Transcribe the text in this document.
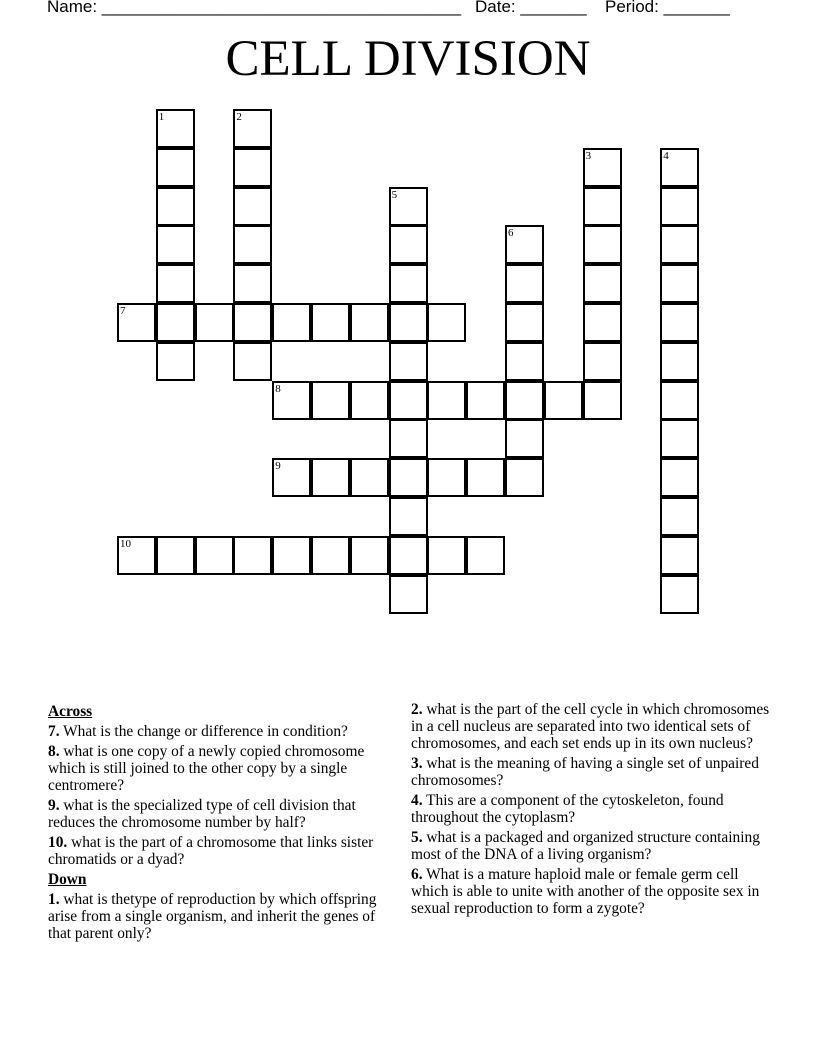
Name: ______________________________________ Date: _______ Period: _______
CELL DIVISION
1	2
3	4
5
6
7
8
9
10
Across
7. What is the change or difference in condition?
8. what is one copy of a newly copied chromosome which is still joined to the other copy by a single centromere?
9. what is the specialized type of cell division that reduces the chromosome number by half?
10. what is the part of a chromosome that links sister chromatids or a dyad?
Down
1. what is thetype of reproduction by which offspring arise from a single organism, and inherit the genes of that parent only?
2. what is the part of the cell cycle in which chromosomes in a cell nucleus are separated into two identical sets of chromosomes, and each set ends up in its own nucleus?
3. what is the meaning of having a single set of unpaired chromosomes?
4. This are a component of the cytoskeleton, found throughout the cytoplasm?
5. what is a packaged and organized structure containing most of the DNA of a living organism?
6. What is a mature haploid male or female germ cell which is able to unite with another of the opposite sex in sexual reproduction to form a zygote?
